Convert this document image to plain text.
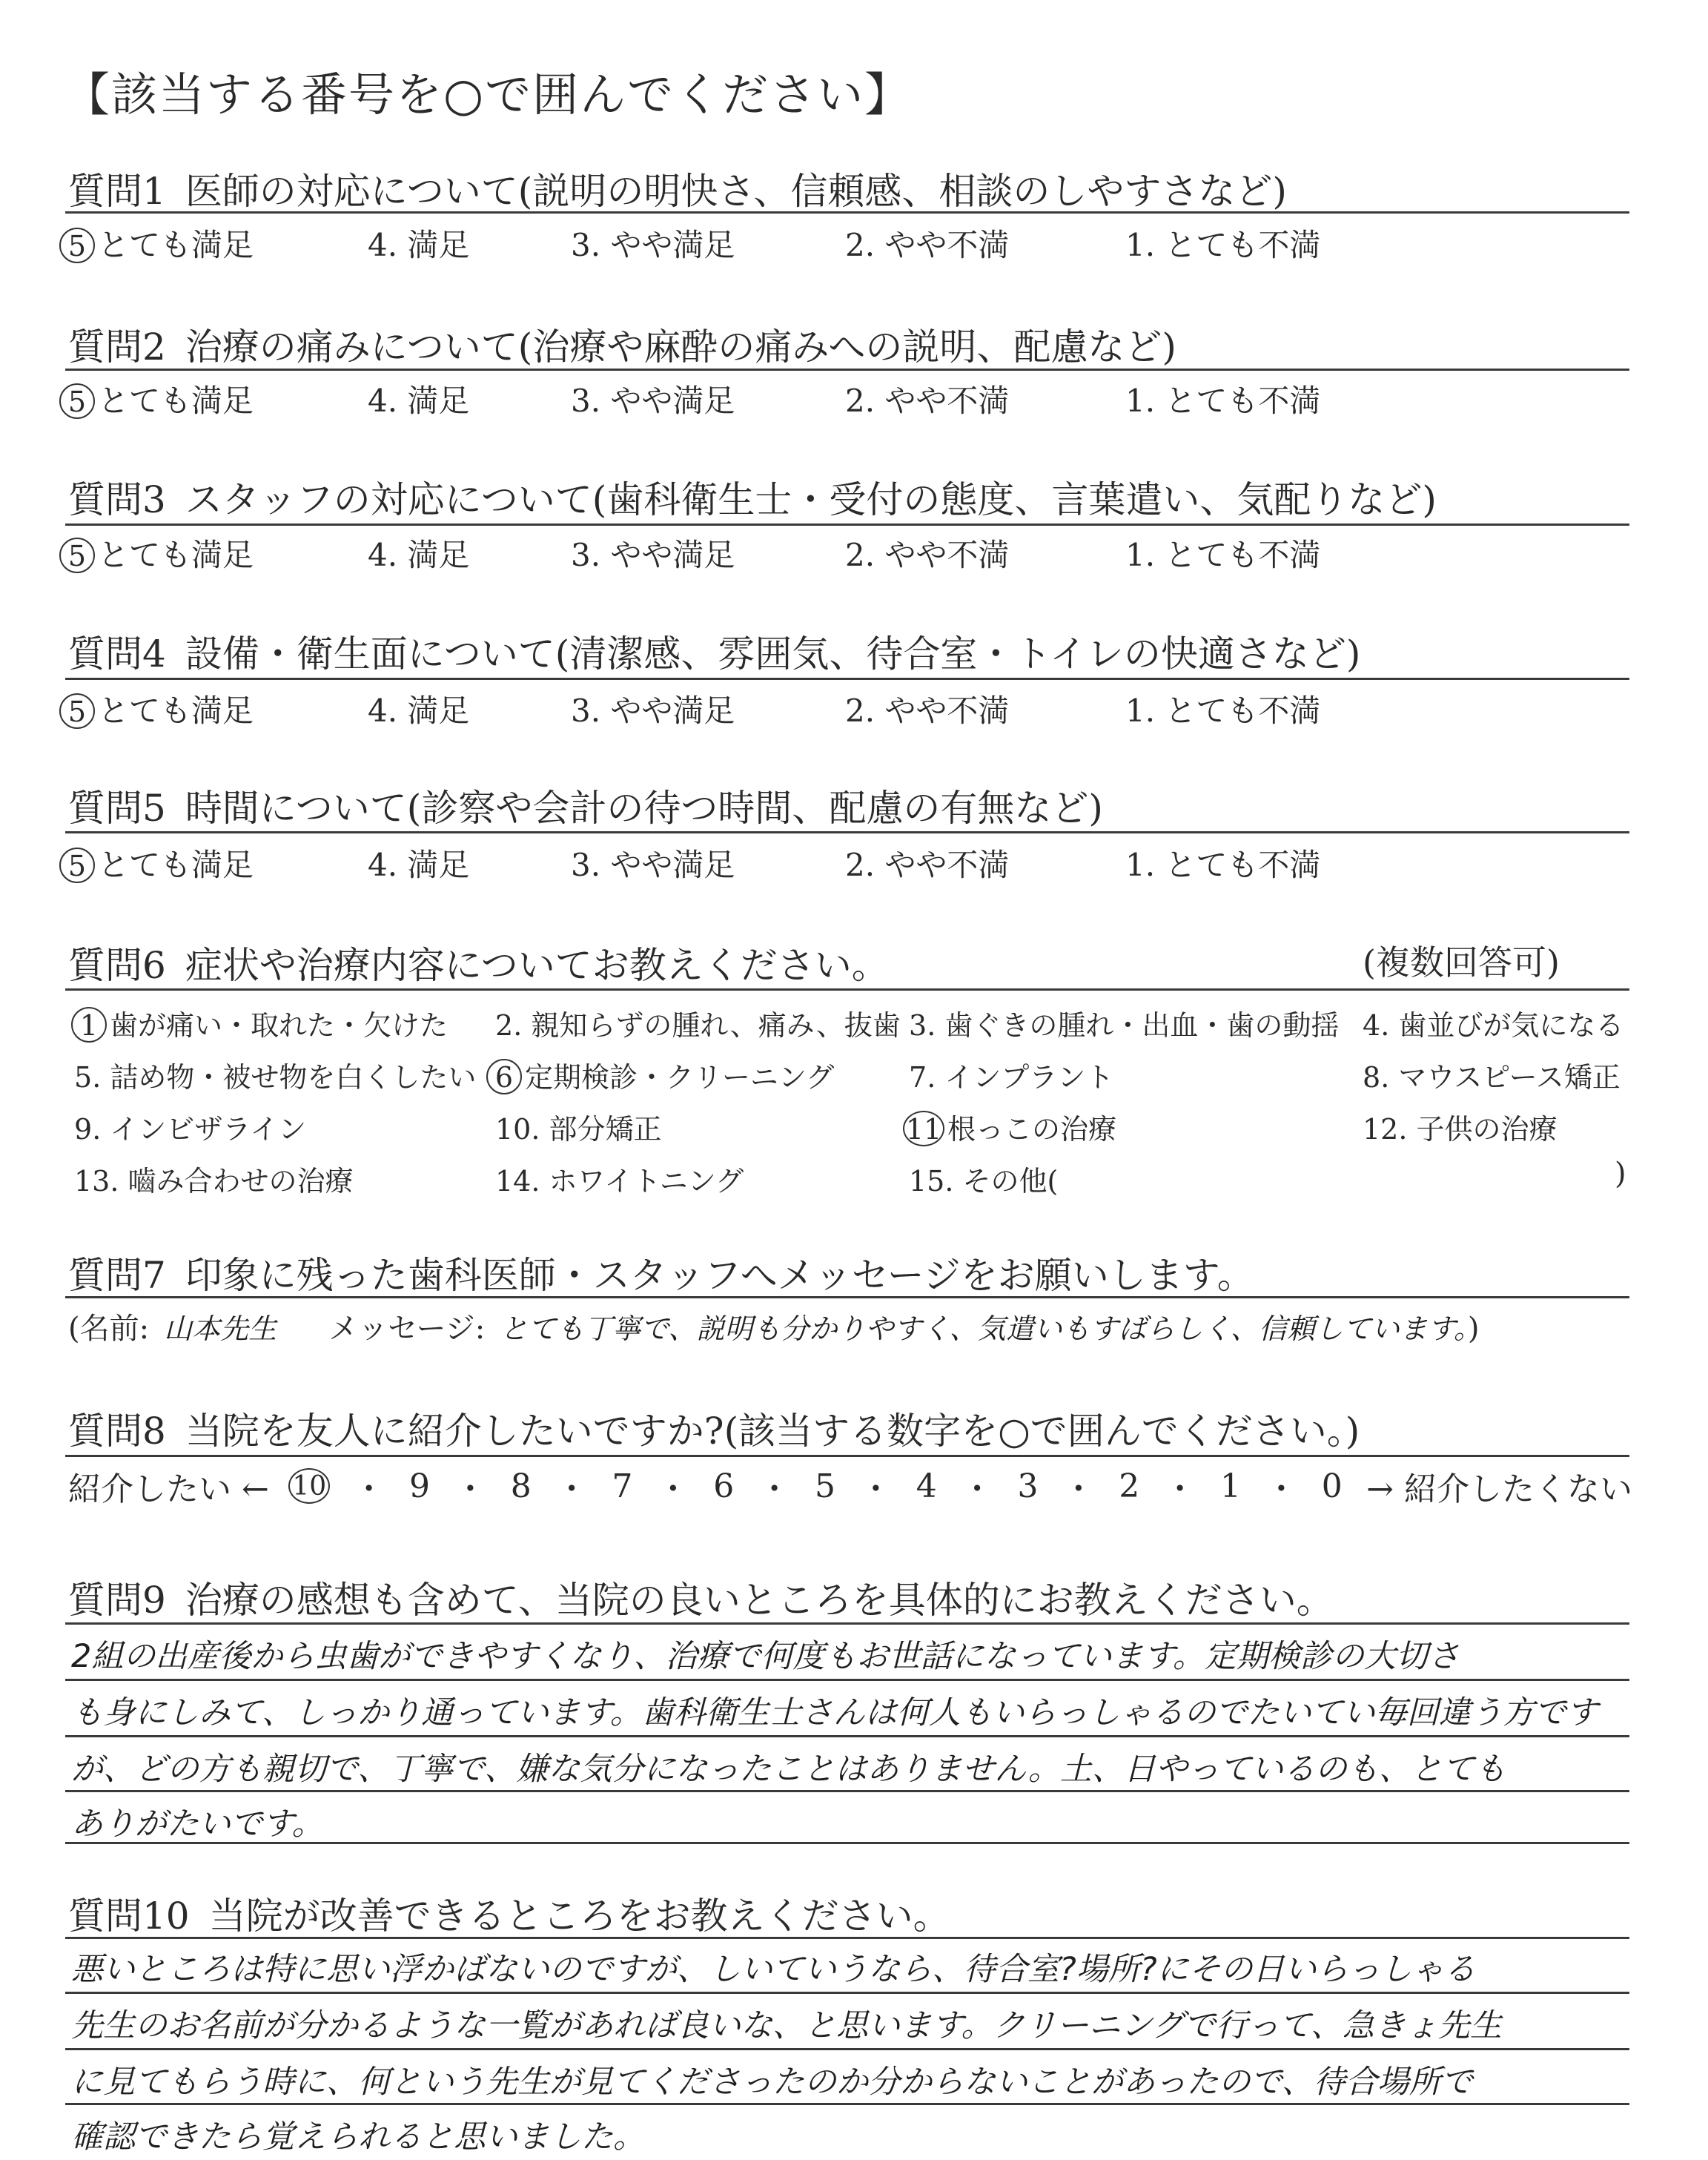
【該当する番号を○で囲んでください】
質問1 医師の対応について(説明の明快さ、信頼感、相談のしやすさなど)
5 とても満足	4. 満足	3. やや満足	2. やや不満	1. とても不満
質問2 治療の痛みについて(治療や麻酔の痛みへの説明、配慮など)
5 とても満足	4. 満足	3. やや満足	2. やや不満	1. とても不満
質問3 スタッフの対応について(歯科衛生士・受付の態度、言葉遣い、気配りなど)
5 とても満足	4. 満足	3. やや満足	2. やや不満	1. とても不満
質問4 設備・衛生面について(清潔感、雰囲気、待合室・トイレの快適さなど)
5 とても満足	4. 満足	3. やや満足	2. やや不満	1. とても不満
質問5 時間について(診察や会計の待つ時間、配慮の有無など)
5 とても満足	4. 満足	3. やや満足	2. やや不満	1. とても不満
質問6 症状や治療内容についてお教えください。	(複数回答可)
1 歯が痛い・取れた・欠けた 2. 親知らずの腫れ、痛み、抜歯 3. 歯ぐきの腫れ・出血・歯の動揺 4. 歯並びが気になる
5. 詰め物・被せ物を白くしたい 6 定期検診・クリーニング	7. インプラント	8. マウスピース矯正
9. インビザライン	10. 部分矯正	11 根っこの治療	12. 子供の治療
13. 嚙み合わせの治療	14. ホワイトニング	15. その他(	)
質問7 印象に残った歯科医師・スタッフへメッセージをお願いします。
(名前: 山本先生 メッセージ: とても丁寧で、説明も分かりやすく、気遣いもすばらしく、信頼しています。)
質問8 当院を友人に紹介したいですか?(該当する数字を○で囲んでください。)
紹介したい ← 10 ・ 9 ・ 8 ・ 7 ・ 6 ・ 5 ・ 4 ・ 3 ・ 2 ・ 1 ・ 0 → 紹介したくない
質問9 治療の感想も含めて、当院の良いところを具体的にお教えください。
2組の出産後から虫歯ができやすくなり、治療で何度もお世話になっています。定期検診の大切さ
も身にしみて、しっかり通っています。歯科衛生士さんは何人もいらっしゃるのでたいてい毎回違う方です
が、どの方も親切で、丁寧で、嫌な気分になったことはありません。土、日やっているのも、とても
ありがたいです。
質問10 当院が改善できるところをお教えください。
悪いところは特に思い浮かばないのですが、しいていうなら、待合室?場所?にその日いらっしゃる
先生のお名前が分かるような一覧があれば良いな、と思います。クリーニングで行って、急きょ先生
に見てもらう時に、何という先生が見てくださったのか分からないことがあったので、待合場所で
確認できたら覚えられると思いました。
